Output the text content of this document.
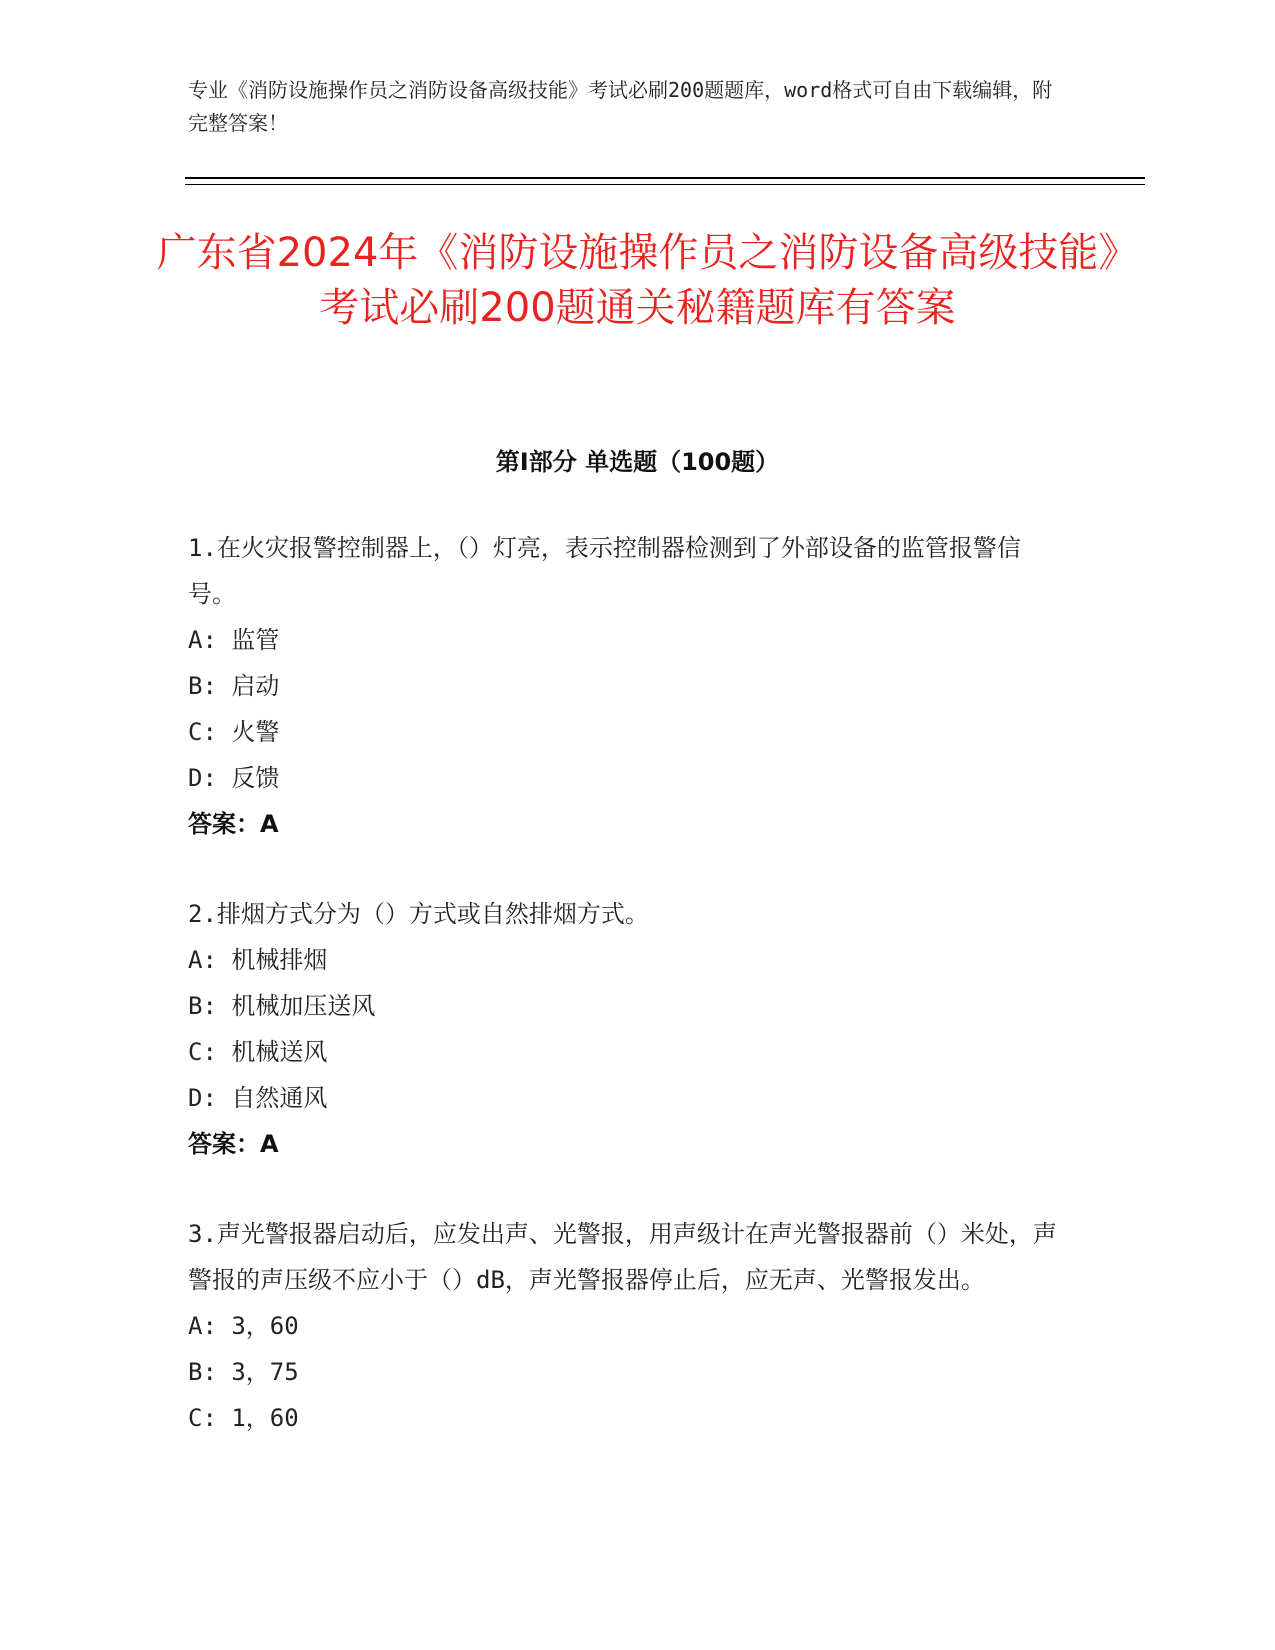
专业《消防设施操作员之消防设备高级技能》考试必刷200题题库，word格式可自由下载编辑，附完整答案！
广东省2024年《消防设施操作员之消防设备高级技能》考试必刷200题通关秘籍题库有答案
第I部分 单选题（100题）
1.在火灾报警控制器上，（）灯亮，表示控制器检测到了外部设备的监管报警信号。
A: 监管
B: 启动
C: 火警
D: 反馈
答案：A
2.排烟方式分为（）方式或自然排烟方式。
A: 机械排烟
B: 机械加压送风
C: 机械送风
D: 自然通风
答案：A
3.声光警报器启动后，应发出声、光警报，用声级计在声光警报器前（）米处，声警报的声压级不应小于（）dB，声光警报器停止后，应无声、光警报发出。
A: 3，60
B: 3，75
C: 1，60
